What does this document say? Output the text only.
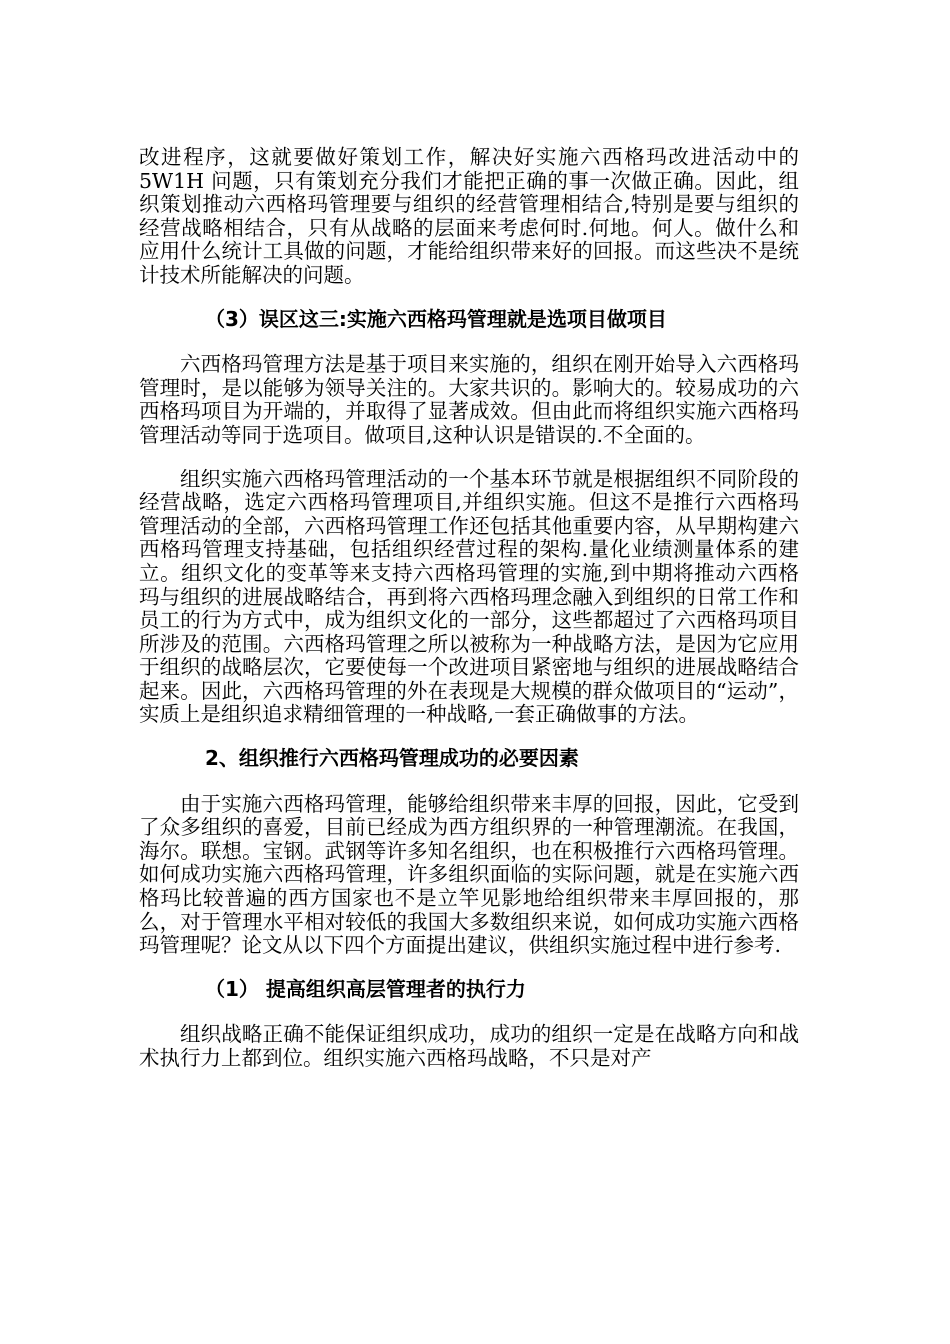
改进程序，这就要做好策划工作，解决好实施六西格玛改进活动中的 5W1H 问题，只有策划充分我们才能把正确的事一次做正确。因此，组织策划推动六西格玛管理要与组织的经营管理相结合,特别是要与组织的经营战略相结合，只有从战略的层面来考虑何时.何地。何人。做什么和应用什么统计工具做的问题，才能给组织带来好的回报。而这些决不是统计技术所能解决的问题。

（3）误区这三:实施六西格玛管理就是选项目做项目

六西格玛管理方法是基于项目来实施的，组织在刚开始导入六西格玛管理时，是以能够为领导关注的。大家共识的。影响大的。较易成功的六西格玛项目为开端的，并取得了显著成效。但由此而将组织实施六西格玛管理活动等同于选项目。做项目,这种认识是错误的.不全面的。

组织实施六西格玛管理活动的一个基本环节就是根据组织不同阶段的经营战略，选定六西格玛管理项目,并组织实施。但这不是推行六西格玛管理活动的全部，六西格玛管理工作还包括其他重要内容，从早期构建六西格玛管理支持基础，包括组织经营过程的架构.量化业绩测量体系的建立。组织文化的变革等来支持六西格玛管理的实施,到中期将推动六西格玛与组织的进展战略结合，再到将六西格玛理念融入到组织的日常工作和员工的行为方式中，成为组织文化的一部分，这些都超过了六西格玛项目所涉及的范围。六西格玛管理之所以被称为一种战略方法，是因为它应用于组织的战略层次，它要使每一个改进项目紧密地与组织的进展战略结合起来。因此，六西格玛管理的外在表现是大规模的群众做项目的“运动”，实质上是组织追求精细管理的一种战略,一套正确做事的方法。

2、组织推行六西格玛管理成功的必要因素

由于实施六西格玛管理，能够给组织带来丰厚的回报，因此，它受到了众多组织的喜爱，目前已经成为西方组织界的一种管理潮流。在我国，海尔。联想。宝钢。武钢等许多知名组织，也在积极推行六西格玛管理。如何成功实施六西格玛管理，许多组织面临的实际问题，就是在实施六西格玛比较普遍的西方国家也不是立竿见影地给组织带来丰厚回报的，那么，对于管理水平相对较低的我国大多数组织来说，如何成功实施六西格玛管理呢？论文从以下四个方面提出建议，供组织实施过程中进行参考.

（1） 提高组织高层管理者的执行力

组织战略正确不能保证组织成功，成功的组织一定是在战略方向和战术执行力上都到位。组织实施六西格玛战略，不只是对产
